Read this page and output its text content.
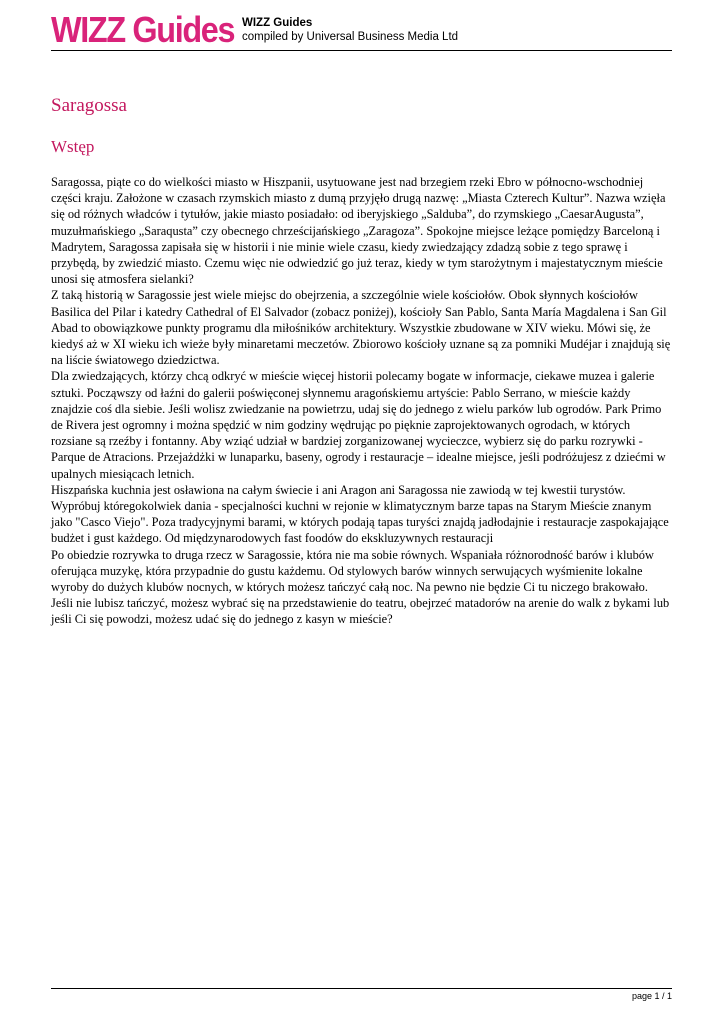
WIZZ Guides WIZZ Guides
compiled by Universal Business Media Ltd
Saragossa
Wstęp

Saragossa, piąte co do wielkości miasto w Hiszpanii, usytuowane jest nad brzegiem rzeki Ebro w północno-wschodniej części kraju. Założone w czasach rzymskich miasto z dumą przyjęło drugą nazwę: „Miasta Czterech Kultur”. Nazwa wzięła się od różnych władców i tytułów, jakie miasto posiadało: od iberyjskiego „Salduba”, do rzymskiego „CaesarAugusta”, muzułmańskiego „Saraqusta” czy obecnego chrześcijańskiego „Zaragoza”. Spokojne miejsce leżące pomiędzy Barceloną i Madrytem, Saragossa zapisała się w historii i nie minie wiele czasu, kiedy zwiedzający zdadzą sobie z tego sprawę i przybędą, by zwiedzić miasto. Czemu więc nie odwiedzić go już teraz, kiedy w tym starożytnym i majestatycznym mieście unosi się atmosfera sielanki?

Z taką historią w Saragossie jest wiele miejsc do obejrzenia, a szczególnie wiele kościołów. Obok słynnych kościołów Basilica del Pilar i katedry Cathedral of El Salvador (zobacz poniżej), kościoły San Pablo, Santa María Magdalena i San Gil Abad to obowiązkowe punkty programu dla miłośników architektury. Wszystkie zbudowane w XIV wieku. Mówi się, że kiedyś aż w XI wieku ich wieże były minaretami meczetów. Zbiorowo kościoły uznane są za pomniki Mudéjar i znajdują się na liście światowego dziedzictwa.

Dla zwiedzających, którzy chcą odkryć w mieście więcej historii polecamy bogate w informacje, ciekawe muzea i galerie sztuki. Począwszy od łaźni do galerii poświęconej słynnemu aragońskiemu artyście: Pablo Serrano, w mieście każdy znajdzie coś dla siebie. Jeśli wolisz zwiedzanie na powietrzu, udaj się do jednego z wielu parków lub ogrodów. Park Primo de Rivera jest ogromny i można spędzić w nim godziny wędrując po pięknie zaprojektowanych ogrodach, w których rozsiane są rzeźby i fontanny. Aby wziąć udział w bardziej zorganizowanej wycieczce, wybierz się do parku rozrywki - Parque de Atracions. Przejażdżki w lunaparku, baseny, ogrody i restauracje – idealne miejsce, jeśli podróżujesz z dziećmi w upalnych miesiącach letnich.

Hiszpańska kuchnia jest osławiona na całym świecie i ani Aragon ani Saragossa nie zawiodą w tej kwestii turystów. Wypróbuj któregokolwiek dania - specjalności kuchni w rejonie w klimatycznym barze tapas na Starym Mieście znanym jako "Casco Viejo". Poza tradycyjnymi barami, w których podają tapas turyści znajdą jadłodajnie i restauracje zaspokajające budżet i gust każdego. Od międzynarodowych fast foodów do ekskluzywnych restauracji

Po obiedzie rozrywka to druga rzecz w Saragossie, która nie ma sobie równych. Wspaniała różnorodność barów i klubów oferująca muzykę, która przypadnie do gustu każdemu. Od stylowych barów winnych serwujących wyśmienite lokalne wyroby do dużych klubów nocnych, w których możesz tańczyć całą noc. Na pewno nie będzie Ci tu niczego brakowało. Jeśli nie lubisz tańczyć, możesz wybrać się na przedstawienie do teatru, obejrzeć matadorów na arenie do walk z bykami lub jeśli Ci się powodzi, możesz udać się do jednego z kasyn w mieście?

page 1 / 1
